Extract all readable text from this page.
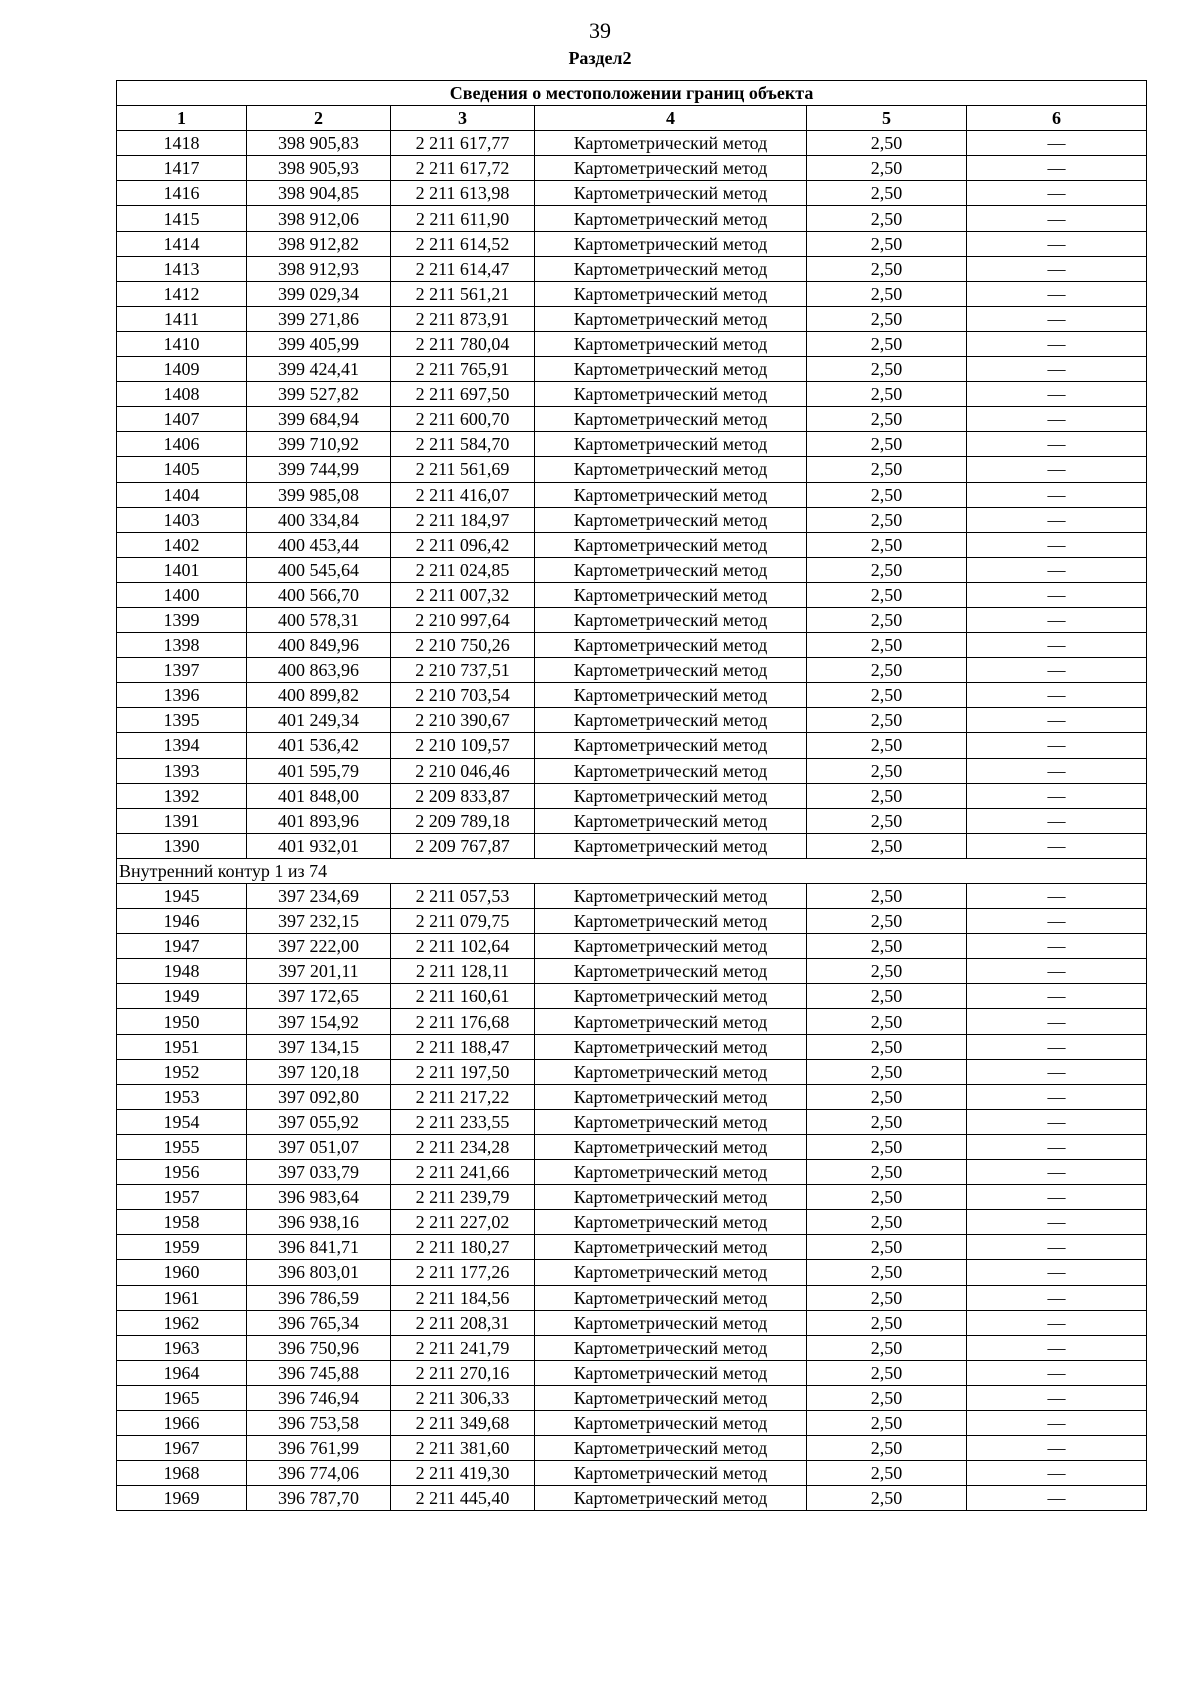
39
Раздел2
Сведения о местоположении границ объекта					
1	2	3	4	5	6
1418	398 905,83	2 211 617,77	Картометрический метод	2,50	—
1417	398 905,93	2 211 617,72	Картометрический метод	2,50	—
1416	398 904,85	2 211 613,98	Картометрический метод	2,50	—
1415	398 912,06	2 211 611,90	Картометрический метод	2,50	—
1414	398 912,82	2 211 614,52	Картометрический метод	2,50	—
1413	398 912,93	2 211 614,47	Картометрический метод	2,50	—
1412	399 029,34	2 211 561,21	Картометрический метод	2,50	—
1411	399 271,86	2 211 873,91	Картометрический метод	2,50	—
1410	399 405,99	2 211 780,04	Картометрический метод	2,50	—
1409	399 424,41	2 211 765,91	Картометрический метод	2,50	—
1408	399 527,82	2 211 697,50	Картометрический метод	2,50	—
1407	399 684,94	2 211 600,70	Картометрический метод	2,50	—
1406	399 710,92	2 211 584,70	Картометрический метод	2,50	—
1405	399 744,99	2 211 561,69	Картометрический метод	2,50	—
1404	399 985,08	2 211 416,07	Картометрический метод	2,50	—
1403	400 334,84	2 211 184,97	Картометрический метод	2,50	—
1402	400 453,44	2 211 096,42	Картометрический метод	2,50	—
1401	400 545,64	2 211 024,85	Картометрический метод	2,50	—
1400	400 566,70	2 211 007,32	Картометрический метод	2,50	—
1399	400 578,31	2 210 997,64	Картометрический метод	2,50	—
1398	400 849,96	2 210 750,26	Картометрический метод	2,50	—
1397	400 863,96	2 210 737,51	Картометрический метод	2,50	—
1396	400 899,82	2 210 703,54	Картометрический метод	2,50	—
1395	401 249,34	2 210 390,67	Картометрический метод	2,50	—
1394	401 536,42	2 210 109,57	Картометрический метод	2,50	—
1393	401 595,79	2 210 046,46	Картометрический метод	2,50	—
1392	401 848,00	2 209 833,87	Картометрический метод	2,50	—
1391	401 893,96	2 209 789,18	Картометрический метод	2,50	—
1390	401 932,01	2 209 767,87	Картометрический метод	2,50	—
Внутренний контур 1 из 74					
1945	397 234,69	2 211 057,53	Картометрический метод	2,50	—
1946	397 232,15	2 211 079,75	Картометрический метод	2,50	—
1947	397 222,00	2 211 102,64	Картометрический метод	2,50	—
1948	397 201,11	2 211 128,11	Картометрический метод	2,50	—
1949	397 172,65	2 211 160,61	Картометрический метод	2,50	—
1950	397 154,92	2 211 176,68	Картометрический метод	2,50	—
1951	397 134,15	2 211 188,47	Картометрический метод	2,50	—
1952	397 120,18	2 211 197,50	Картометрический метод	2,50	—
1953	397 092,80	2 211 217,22	Картометрический метод	2,50	—
1954	397 055,92	2 211 233,55	Картометрический метод	2,50	—
1955	397 051,07	2 211 234,28	Картометрический метод	2,50	—
1956	397 033,79	2 211 241,66	Картометрический метод	2,50	—
1957	396 983,64	2 211 239,79	Картометрический метод	2,50	—
1958	396 938,16	2 211 227,02	Картометрический метод	2,50	—
1959	396 841,71	2 211 180,27	Картометрический метод	2,50	—
1960	396 803,01	2 211 177,26	Картометрический метод	2,50	—
1961	396 786,59	2 211 184,56	Картометрический метод	2,50	—
1962	396 765,34	2 211 208,31	Картометрический метод	2,50	—
1963	396 750,96	2 211 241,79	Картометрический метод	2,50	—
1964	396 745,88	2 211 270,16	Картометрический метод	2,50	—
1965	396 746,94	2 211 306,33	Картометрический метод	2,50	—
1966	396 753,58	2 211 349,68	Картометрический метод	2,50	—
1967	396 761,99	2 211 381,60	Картометрический метод	2,50	—
1968	396 774,06	2 211 419,30	Картометрический метод	2,50	—
1969	396 787,70	2 211 445,40	Картометрический метод	2,50	—
